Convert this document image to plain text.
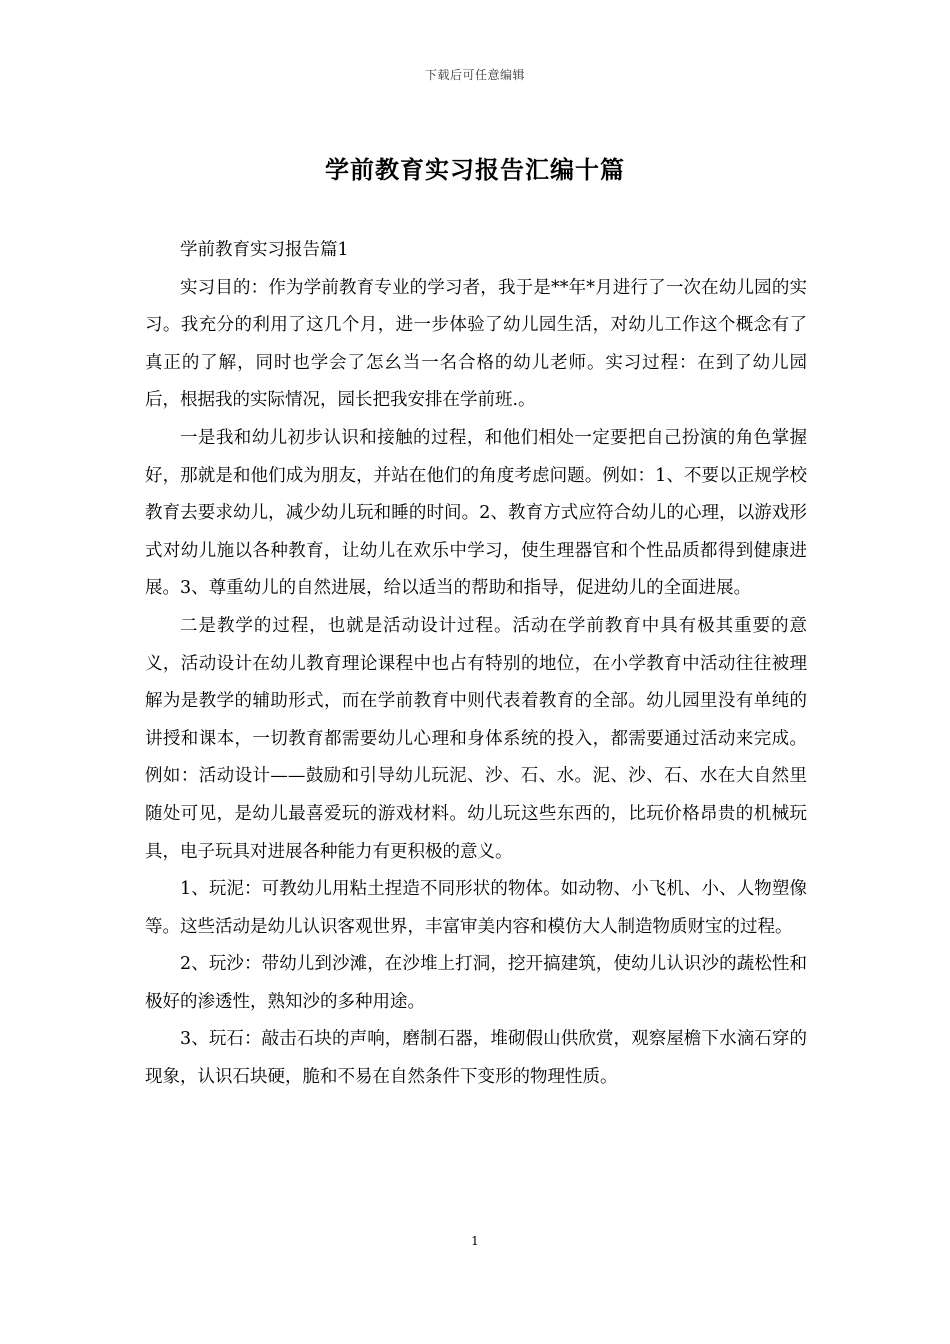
下载后可任意编辑
学前教育实习报告汇编十篇

学前教育实习报告篇1

实习目的：作为学前教育专业的学习者，我于是**年*月进行了一次在幼儿园的实习。我充分的利用了这几个月，进一步体验了幼儿园生活，对幼儿工作这个概念有了真正的了解，同时也学会了怎幺当一名合格的幼儿老师。实习过程：在到了幼儿园后，根据我的实际情况，园长把我安排在学前班.。

一是我和幼儿初步认识和接触的过程，和他们相处一定要把自己扮演的角色掌握好，那就是和他们成为朋友，并站在他们的角度考虑问题。例如：1、不要以正规学校教育去要求幼儿，减少幼儿玩和睡的时间。2、教育方式应符合幼儿的心理，以游戏形式对幼儿施以各种教育，让幼儿在欢乐中学习，使生理器官和个性品质都得到健康进展。3、尊重幼儿的自然进展，给以适当的帮助和指导，促进幼儿的全面进展。

二是教学的过程，也就是活动设计过程。活动在学前教育中具有极其重要的意义，活动设计在幼儿教育理论课程中也占有特别的地位，在小学教育中活动往往被理解为是教学的辅助形式，而在学前教育中则代表着教育的全部。幼儿园里没有单纯的讲授和课本，一切教育都需要幼儿心理和身体系统的投入，都需要通过活动来完成。例如：活动设计——鼓励和引导幼儿玩泥、沙、石、水。泥、沙、石、水在大自然里随处可见，是幼儿最喜爱玩的游戏材料。幼儿玩这些东西的，比玩价格昂贵的机械玩具，电子玩具对进展各种能力有更积极的意义。

1、玩泥：可教幼儿用粘土捏造不同形状的物体。如动物、小飞机、小、人物塑像等。这些活动是幼儿认识客观世界，丰富审美内容和模仿大人制造物质财宝的过程。

2、玩沙：带幼儿到沙滩，在沙堆上打洞，挖开搞建筑，使幼儿认识沙的蔬松性和极好的渗透性，熟知沙的多种用途。

3、玩石：敲击石块的声响，磨制石器，堆砌假山供欣赏，观察屋檐下水滴石穿的现象，认识石块硬，脆和不易在自然条件下变形的物理性质。

1
